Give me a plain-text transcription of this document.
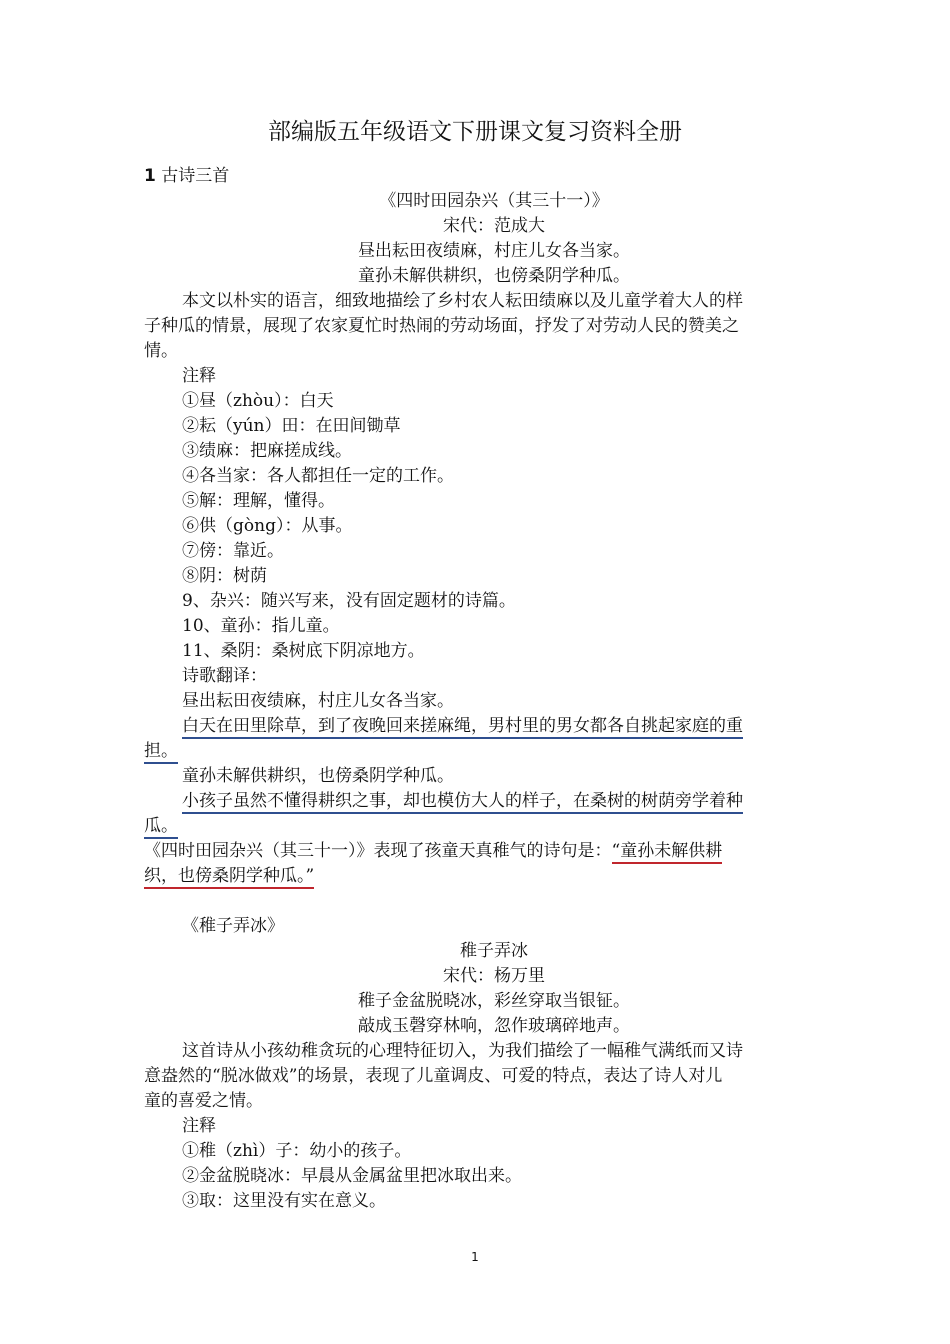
部编版五年级语文下册课文复习资料全册
1 古诗三首
《四时田园杂兴（其三十一）》
宋代：范成大
昼出耘田夜绩麻，村庄儿女各当家。
童孙未解供耕织，也傍桑阴学种瓜。
本文以朴实的语言，细致地描绘了乡村农人耘田绩麻以及儿童学着大人的样
子种瓜的情景，展现了农家夏忙时热闹的劳动场面，抒发了对劳动人民的赞美之
情。
注释
①昼（zhòu）：白天
②耘（yún）田：在田间锄草
③绩麻：把麻搓成线。
④各当家：各人都担任一定的工作。
⑤解：理解，懂得。
⑥供（gòng）：从事。
⑦傍：靠近。
⑧阴：树荫
9、杂兴：随兴写来，没有固定题材的诗篇。
10、童孙：指儿童。
11、桑阴：桑树底下阴凉地方。
诗歌翻译：
昼出耘田夜绩麻，村庄儿女各当家。
白天在田里除草，到了夜晚回来搓麻绳，男村里的男女都各自挑起家庭的重
担。
童孙未解供耕织，也傍桑阴学种瓜。
小孩子虽然不懂得耕织之事，却也模仿大人的样子，在桑树的树荫旁学着种
瓜。
《四时田园杂兴（其三十一）》表现了孩童天真稚气的诗句是：“童孙未解供耕
织，也傍桑阴学种瓜。”
《稚子弄冰》
稚子弄冰
宋代：杨万里
稚子金盆脱晓冰，彩丝穿取当银钲。
敲成玉磬穿林响，忽作玻璃碎地声。
这首诗从小孩幼稚贪玩的心理特征切入，为我们描绘了一幅稚气满纸而又诗
意盎然的“脱冰做戏”的场景，表现了儿童调皮、可爱的特点，表达了诗人对儿
童的喜爱之情。
注释
①稚（zhì）子：幼小的孩子。
②金盆脱晓冰：早晨从金属盆里把冰取出来。
③取：这里没有实在意义。
1
